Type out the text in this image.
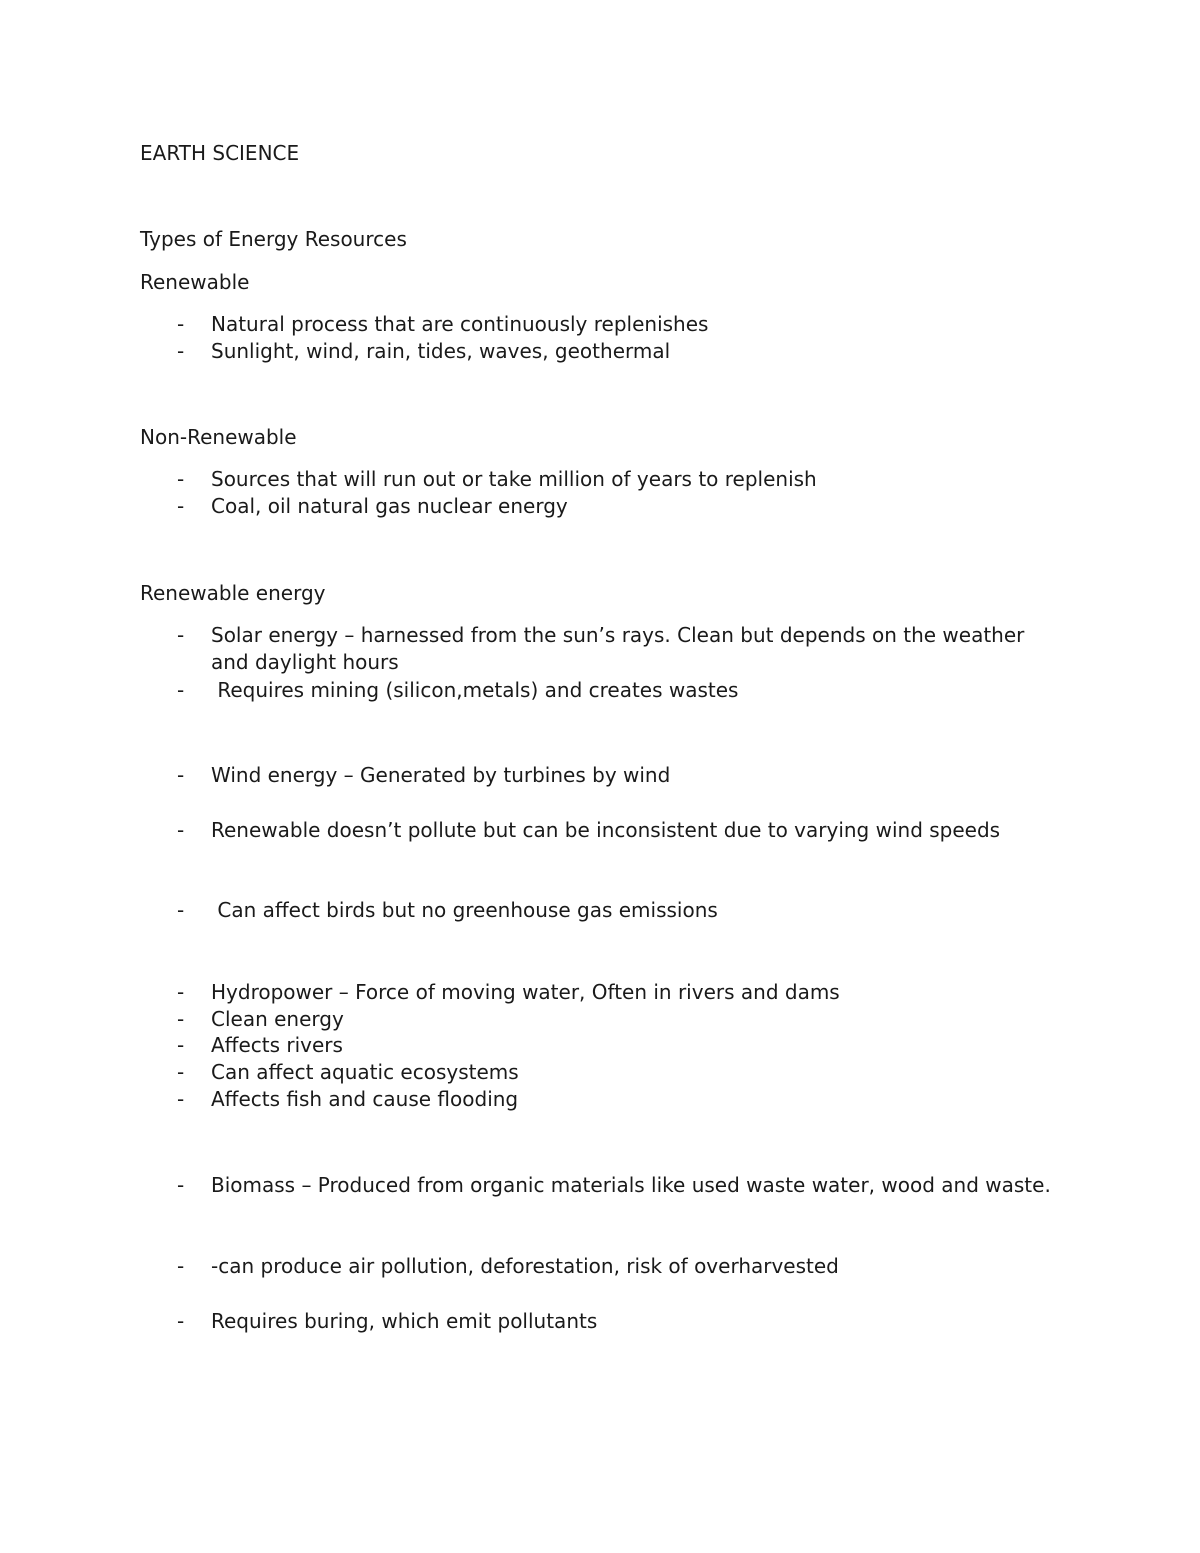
EARTH SCIENCE
Types of Energy Resources
Renewable
- Natural process that are continuously replenishes
- Sunlight, wind, rain, tides, waves, geothermal
Non-Renewable
- Sources that will run out or take million of years to replenish
- Coal, oil natural gas nuclear energy
Renewable energy
- Solar energy – harnessed from the sun’s rays. Clean but depends on the weather and daylight hours
- Requires mining (silicon,metals) and creates wastes
- Wind energy – Generated by turbines by wind
- Renewable doesn’t pollute but can be inconsistent due to varying wind speeds
- Can affect birds but no greenhouse gas emissions
- Hydropower – Force of moving water, Often in rivers and dams
- Clean energy
- Affects rivers
- Can affect aquatic ecosystems
- Affects fish and cause flooding
- Biomass – Produced from organic materials like used waste water, wood and waste.
- -can produce air pollution, deforestation, risk of overharvested
- Requires buring, which emit pollutants
